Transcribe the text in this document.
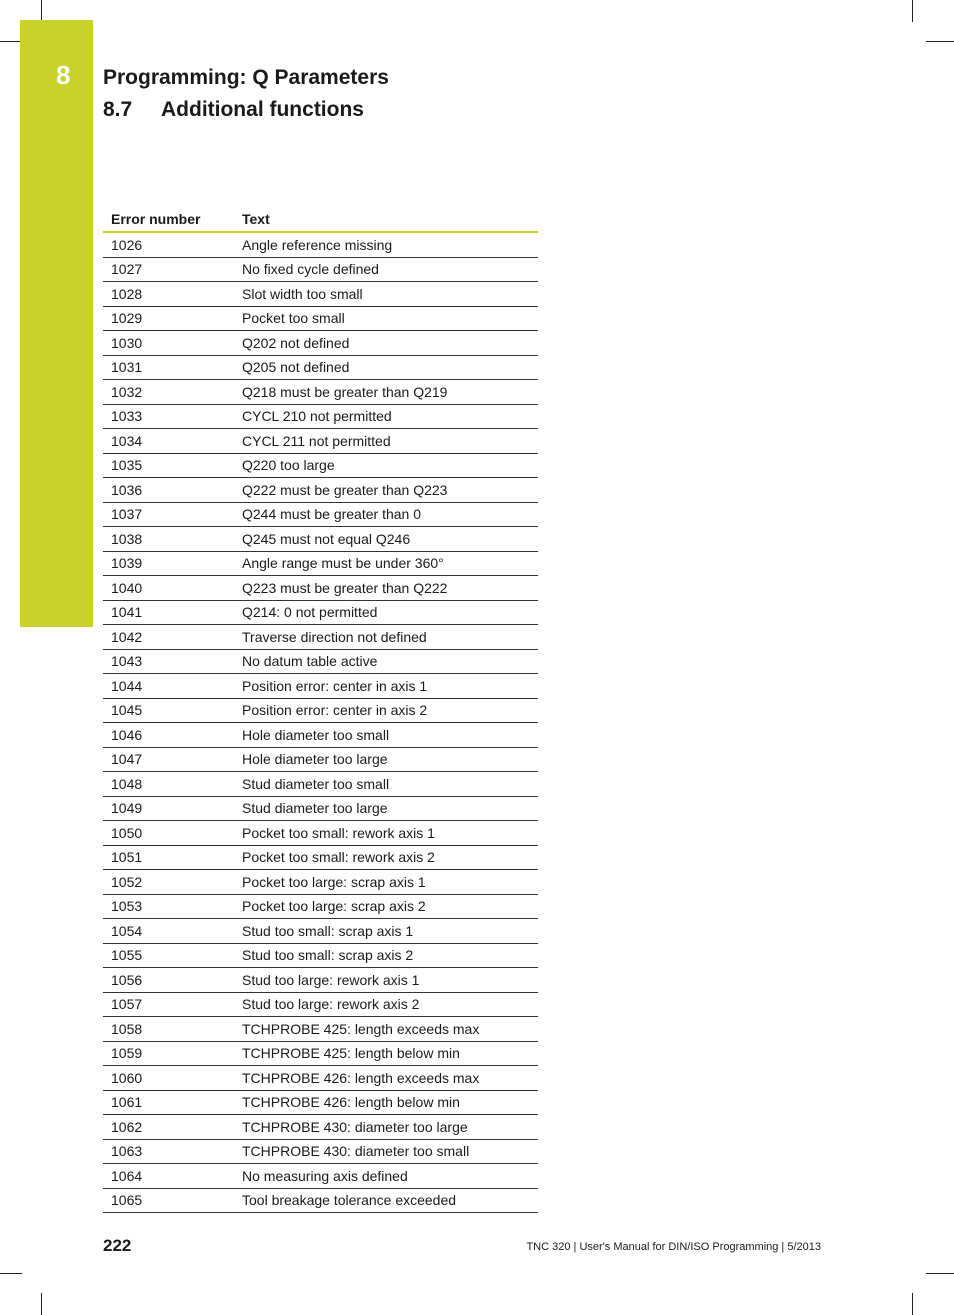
8	Programming: Q Parameters
8.7 Additional functions
Error number	Text
1026	Angle reference missing
1027	No fixed cycle defined
1028	Slot width too small
1029	Pocket too small
1030	Q202 not defined
1031	Q205 not defined
1032	Q218 must be greater than Q219
1033	CYCL 210 not permitted
1034	CYCL 211 not permitted
1035	Q220 too large
1036	Q222 must be greater than Q223
1037	Q244 must be greater than 0
1038	Q245 must not equal Q246
1039	Angle range must be under 360°
1040	Q223 must be greater than Q222
1041	Q214: 0 not permitted
1042	Traverse direction not defined
1043	No datum table active
1044	Position error: center in axis 1
1045	Position error: center in axis 2
1046	Hole diameter too small
1047	Hole diameter too large
1048	Stud diameter too small
1049	Stud diameter too large
1050	Pocket too small: rework axis 1
1051	Pocket too small: rework axis 2
1052	Pocket too large: scrap axis 1
1053	Pocket too large: scrap axis 2
1054	Stud too small: scrap axis 1
1055	Stud too small: scrap axis 2
1056	Stud too large: rework axis 1
1057	Stud too large: rework axis 2
1058	TCHPROBE 425: length exceeds max
1059	TCHPROBE 425: length below min
1060	TCHPROBE 426: length exceeds max
1061	TCHPROBE 426: length below min
1062	TCHPROBE 430: diameter too large
1063	TCHPROBE 430: diameter too small
1064	No measuring axis defined
1065	Tool breakage tolerance exceeded
222	TNC 320 | User's Manual for DIN/ISO Programming | 5/2013
